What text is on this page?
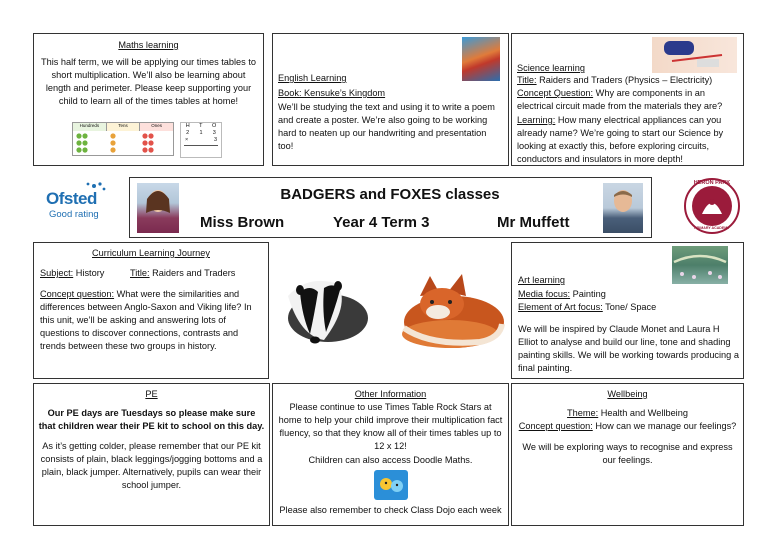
Maths learning
This half term, we will be applying our times tables to short multiplication. We’ll also be learning about length and perimeter. Please keep supporting your child to learn all of the times tables at home!
Hundreds	Tens	Ones	H T O
2 1 3
×	3
English Learning
Book: Kensuke’s Kingdom
We’ll be studying the text and using it to write a poem and create a poster. We’re also going to be working hard to neaten up our handwriting and presentation too!
Science learning
Title: Raiders and Traders (Physics – Electricity)
Concept Question: Why are components in an electrical circuit made from the materials they are?
Learning: How many electrical appliances can you already name? We’re going to start our Science by looking at exactly this, before exploring circuits, conductors and insulators in more depth!
Ofsted
Good rating
BADGERS and FOXES classes
Miss Brown	Year 4 Term 3	Mr Muffett
HERON PARK
PRIMARY ACADEMY
Curriculum Learning Journey
Subject: History	Title: Raiders and Traders
Concept question: What were the similarities and differences between Anglo-Saxon and Viking life? In this unit, we’ll be asking and answering lots of questions to discover connections, contrasts and trends between these two groups in history.
Art learning
Media focus: Painting
Element of Art focus: Tone/ Space
We will be inspired by Claude Monet and Laura H Elliot to analyse and build our line, tone and shading painting skills. We will be working towards producing a final painting.
PE
Our PE days are Tuesdays so please make sure that children wear their PE kit to school on this day.
As it’s getting colder, please remember that our PE kit consists of plain, black leggings/jogging bottoms and a plain, black jumper. Alternatively, pupils can wear their school jumper.
Other Information
Please continue to use Times Table Rock Stars at home to help your child improve their multiplication fact fluency, so that they know all of their times tables up to 12 x 12!
Children can also access Doodle Maths.
Please also remember to check Class Dojo each week
Wellbeing
Theme: Health and Wellbeing
Concept question: How can we manage our feelings?
We will be exploring ways to recognise and express our feelings.
